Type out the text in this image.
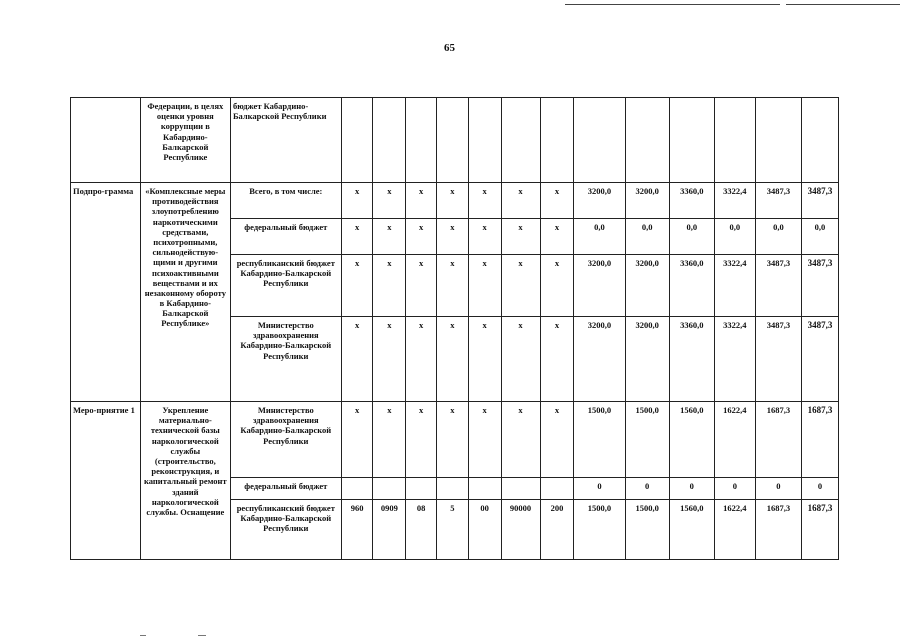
65
	Федерации, в целях оценки уровня коррупции в Кабардино-Балкарской Республике	бюджет Кабардино-Балкарской Республики													
Подпро-грамма	«Комплексные меры противодействия злоупотреблению наркотическими средствами, психотропными, сильнодействую-щими и другими психоактивными веществами и их незаконному обороту в Кабардино-Балкарской Республике»	Всего, в том числе:	х	х	х	х	х	х	х	3200,0	3200,0	3360,0	3322,4	3487,3	3487,3
		федеральный бюджет	х	х	х	х	х	х	х	0,0	0,0	0,0	0,0	0,0	0,0
		республиканский бюджет Кабардино-Балкарской Республики	х	х	х	х	х	х	х	3200,0	3200,0	3360,0	3322,4	3487,3	3487,3
		Министерство здравоохранения Кабардино-Балкарской Республики	х	х	х	х	х	х	х	3200,0	3200,0	3360,0	3322,4	3487,3	3487,3
Меро-приятие 1	Укрепление материально-технической базы наркологической службы (строительство, реконструкция, и капитальный ремонт зданий наркологической службы. Оснащение	Министерство здравоохранения Кабардино-Балкарской Республики	х	х	х	х	х	х	х	1500,0	1500,0	1560,0	1622,4	1687,3	1687,3
		федеральный бюджет								0	0	0	0	0	0
		республиканский бюджет Кабардино-Балкарской Республики	960	0909	08	5	00	90000	200	1500,0	1500,0	1560,0	1622,4	1687,3	1687,3
